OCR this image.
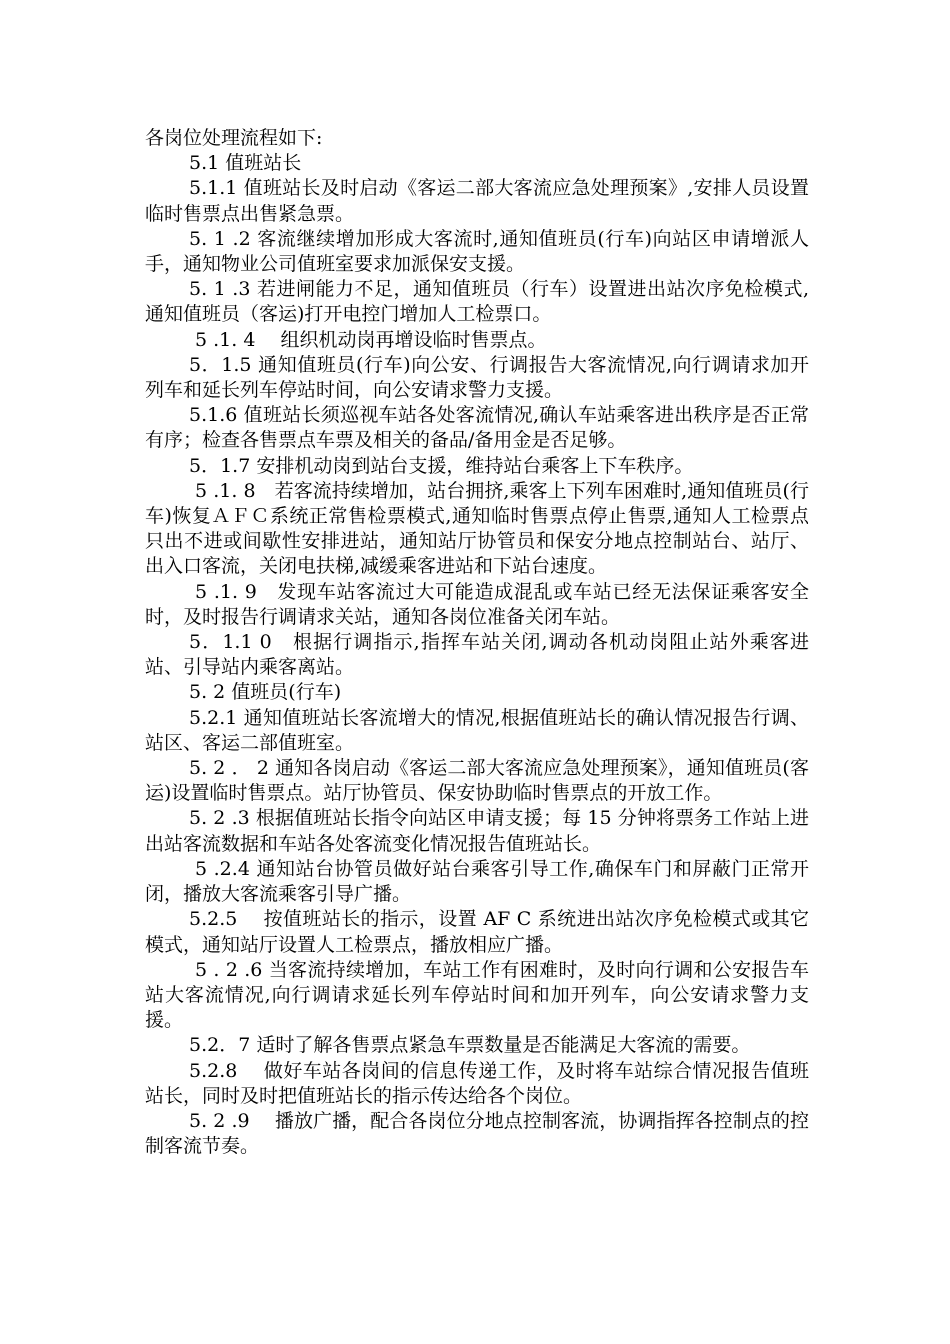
各岗位处理流程如下:

5.1 值班站长

5.1.1 值班站长及时启动《客运二部大客流应急处理预案》,安排人员设置临时售票点出售紧急票。

5. 1 .2 客流继续增加形成大客流时,通知值班员(行车)向站区申请增派人手，通知物业公司值班室要求加派保安支援。

5. 1 .3 若进闸能力不足，通知值班员（行车）设置进出站次序免检模式,通知值班员（客运)打开电控门增加人工检票口。

5 .1. 4　 组织机动岗再增设临时售票点。

5．1.5 通知值班员(行车)向公安、行调报告大客流情况,向行调请求加开列车和延长列车停站时间，向公安请求警力支援。

5.1.6 值班站长须巡视车站各处客流情况,确认车站乘客进出秩序是否正常有序；检查各售票点车票及相关的备品/备用金是否足够。

5．1.7 安排机动岗到站台支援，维持站台乘客上下车秩序。

5 .1. 8　若客流持续增加，站台拥挤,乘客上下列车困难时,通知值班员(行车)恢复ＡＦＣ系统正常售检票模式,通知临时售票点停止售票,通知人工检票点只出不进或间歇性安排进站，通知站厅协管员和保安分地点控制站台、站厅、出入口客流，关闭电扶梯,减缓乘客进站和下站台速度。

5 .1. 9　发现车站客流过大可能造成混乱或车站已经无法保证乘客安全时，及时报告行调请求关站，通知各岗位准备关闭车站。

5．1.1 0　根据行调指示,指挥车站关闭,调动各机动岗阻止站外乘客进站、引导站内乘客离站。

5. 2 值班员(行车)

5.2.1 通知值班站长客流增大的情况,根据值班站长的确认情况报告行调、站区、客运二部值班室。

5. 2 ． 2 通知各岗启动《客运二部大客流应急处理预案》，通知值班员(客运)设置临时售票点。站厅协管员、保安协助临时售票点的开放工作。

5. 2 .3 根据值班站长指令向站区申请支援；每 15 分钟将票务工作站上进出站客流数据和车站各处客流变化情况报告值班站长。

5 .2.4 通知站台协管员做好站台乘客引导工作,确保车门和屏蔽门正常开闭，播放大客流乘客引导广播。

5.2.5　 按值班站长的指示，设置 AF C 系统进出站次序免检模式或其它模式，通知站厅设置人工检票点，播放相应广播。

5 . 2 .6 当客流持续增加，车站工作有困难时，及时向行调和公安报告车站大客流情况,向行调请求延长列车停站时间和加开列车，向公安请求警力支援。

5.2．7 适时了解各售票点紧急车票数量是否能满足大客流的需要。

5.2.8　 做好车站各岗间的信息传递工作，及时将车站综合情况报告值班站长，同时及时把值班站长的指示传达给各个岗位。

5. 2 .9　 播放广播，配合各岗位分地点控制客流，协调指挥各控制点的控制客流节奏。
